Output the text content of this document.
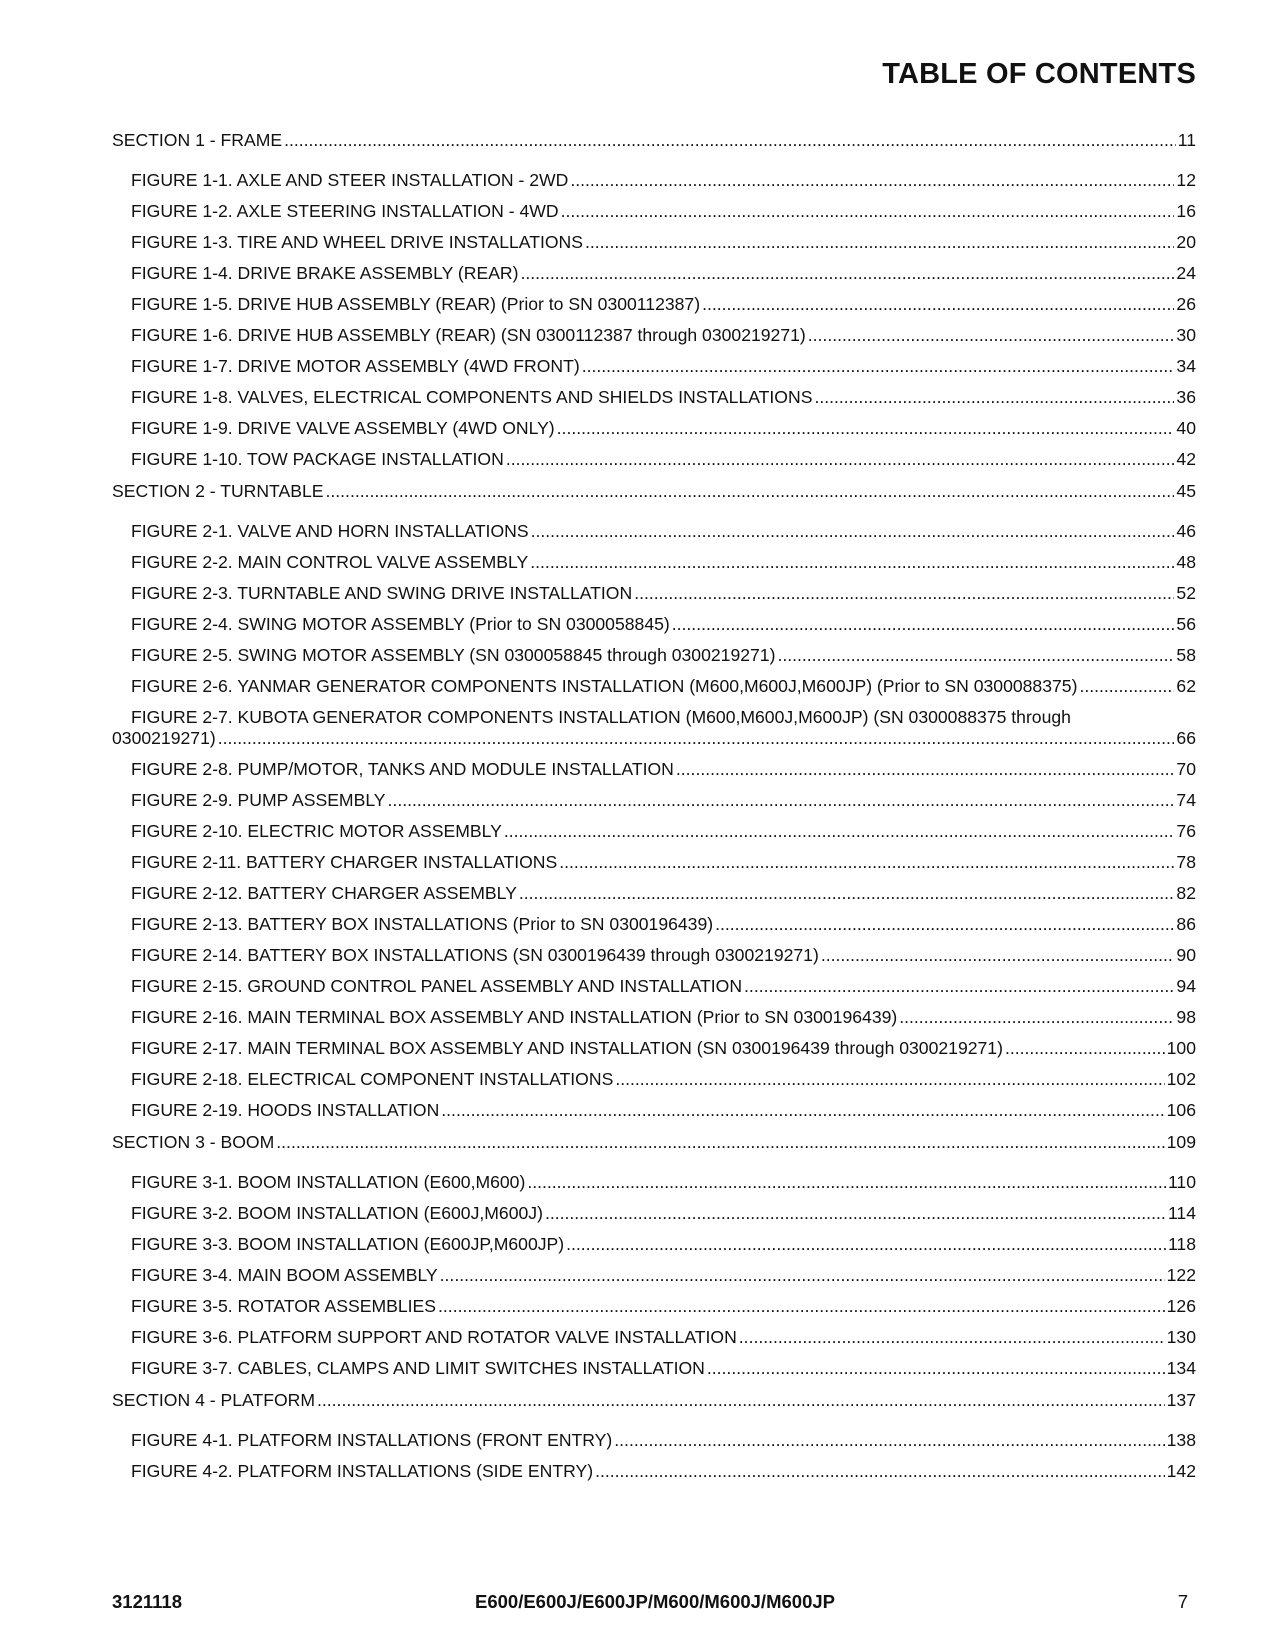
TABLE OF CONTENTS
SECTION 1 - FRAME .....	11
FIGURE 1-1. AXLE AND STEER INSTALLATION - 2WD .....	12
FIGURE 1-2. AXLE STEERING INSTALLATION - 4WD .....	16
FIGURE 1-3. TIRE AND WHEEL DRIVE INSTALLATIONS .....	20
FIGURE 1-4. DRIVE BRAKE ASSEMBLY (REAR) .....	24
FIGURE 1-5. DRIVE HUB ASSEMBLY (REAR) (Prior to SN 0300112387) .....	26
FIGURE 1-6. DRIVE HUB ASSEMBLY (REAR) (SN 0300112387 through 0300219271) .....	30
FIGURE 1-7. DRIVE MOTOR ASSEMBLY (4WD FRONT) .....	34
FIGURE 1-8. VALVES, ELECTRICAL COMPONENTS AND SHIELDS INSTALLATIONS .....	36
FIGURE 1-9. DRIVE VALVE ASSEMBLY (4WD ONLY) .....	40
FIGURE 1-10. TOW PACKAGE INSTALLATION .....	42
SECTION 2 - TURNTABLE .....	45
FIGURE 2-1. VALVE AND HORN INSTALLATIONS .....	46
FIGURE 2-2. MAIN CONTROL VALVE ASSEMBLY .....	48
FIGURE 2-3. TURNTABLE AND SWING DRIVE INSTALLATION .....	52
FIGURE 2-4. SWING MOTOR ASSEMBLY (Prior to SN 0300058845) .....	56
FIGURE 2-5. SWING MOTOR ASSEMBLY (SN 0300058845 through 0300219271) .....	58
FIGURE 2-6. YANMAR GENERATOR COMPONENTS INSTALLATION (M600,M600J,M600JP) (Prior to SN 0300088375) .....	62
FIGURE 2-7. KUBOTA GENERATOR COMPONENTS INSTALLATION (M600,M600J,M600JP) (SN 0300088375 through
0300219271) .....	66
FIGURE 2-8. PUMP/MOTOR, TANKS AND MODULE INSTALLATION .....	70
FIGURE 2-9. PUMP ASSEMBLY .....	74
FIGURE 2-10. ELECTRIC MOTOR ASSEMBLY .....	76
FIGURE 2-11. BATTERY CHARGER INSTALLATIONS .....	78
FIGURE 2-12. BATTERY CHARGER ASSEMBLY .....	82
FIGURE 2-13. BATTERY BOX INSTALLATIONS (Prior to SN 0300196439) .....	86
FIGURE 2-14. BATTERY BOX INSTALLATIONS (SN 0300196439 through 0300219271) .....	90
FIGURE 2-15. GROUND CONTROL PANEL ASSEMBLY AND INSTALLATION .....	94
FIGURE 2-16. MAIN TERMINAL BOX ASSEMBLY AND INSTALLATION (Prior to SN 0300196439) .....	98
FIGURE 2-17. MAIN TERMINAL BOX ASSEMBLY AND INSTALLATION (SN 0300196439 through 0300219271) .....	100
FIGURE 2-18. ELECTRICAL COMPONENT INSTALLATIONS .....	102
FIGURE 2-19. HOODS INSTALLATION .....	106
SECTION 3 - BOOM .....	109
FIGURE 3-1. BOOM INSTALLATION (E600,M600) .....	110
FIGURE 3-2. BOOM INSTALLATION (E600J,M600J) .....	114
FIGURE 3-3. BOOM INSTALLATION (E600JP,M600JP) .....	118
FIGURE 3-4. MAIN BOOM ASSEMBLY .....	122
FIGURE 3-5. ROTATOR ASSEMBLIES .....	126
FIGURE 3-6. PLATFORM SUPPORT AND ROTATOR VALVE INSTALLATION .....	130
FIGURE 3-7. CABLES, CLAMPS AND LIMIT SWITCHES INSTALLATION .....	134
SECTION 4 - PLATFORM .....	137
FIGURE 4-1. PLATFORM INSTALLATIONS (FRONT ENTRY) .....	138
FIGURE 4-2. PLATFORM INSTALLATIONS (SIDE ENTRY) .....	142
3121118	E600/E600J/E600JP/M600/M600J/M600JP	7
